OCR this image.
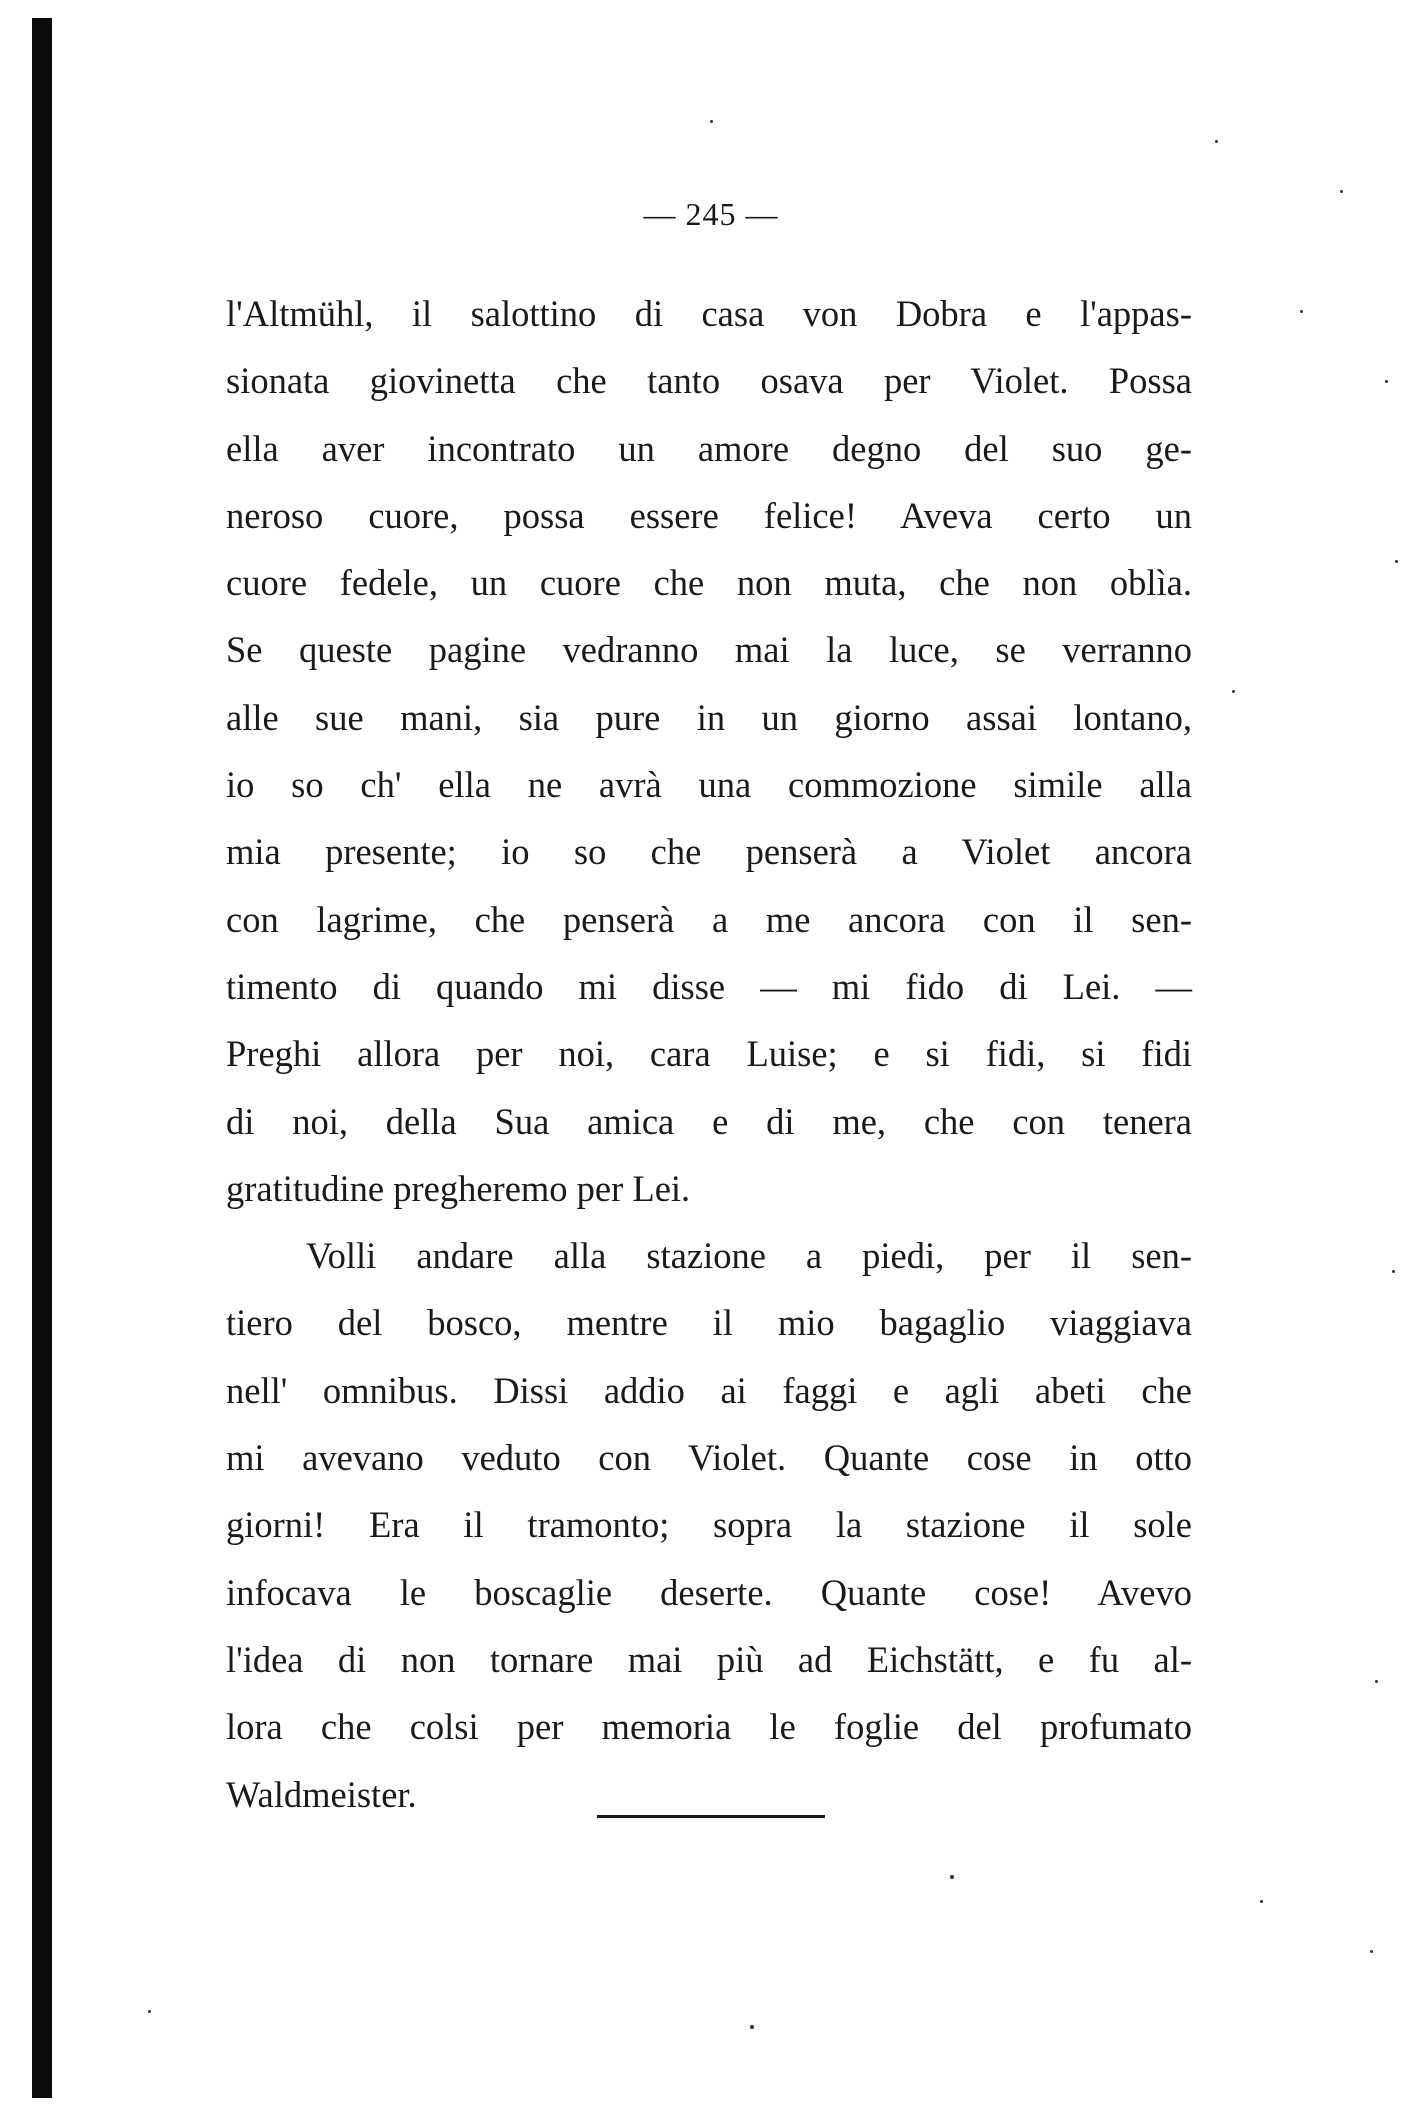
— 245 —
l'Altmühl, il salottino di casa von Dobra e l'appas-
sionata giovinetta che tanto osava per Violet. Possa
ella aver incontrato un amore degno del suo ge-
neroso cuore, possa essere felice! Aveva certo un
cuore fedele, un cuore che non muta, che non oblìa.
Se queste pagine vedranno mai la luce, se verranno
alle sue mani, sia pure in un giorno assai lontano,
io so ch' ella ne avrà una commozione simile alla
mia presente; io so che penserà a Violet ancora
con lagrime, che penserà a me ancora con il sen-
timento di quando mi disse — mi fido di Lei. —
Preghi allora per noi, cara Luise; e si fidi, si fidi
di noi, della Sua amica e di me, che con tenera
gratitudine pregheremo per Lei.
Volli andare alla stazione a piedi, per il sen-
tiero del bosco, mentre il mio bagaglio viaggiava
nell' omnibus. Dissi addio ai faggi e agli abeti che
mi avevano veduto con Violet. Quante cose in otto
giorni! Era il tramonto; sopra la stazione il sole
infocava le boscaglie deserte. Quante cose! Avevo
l'idea di non tornare mai più ad Eichstätt, e fu al-
lora che colsi per memoria le foglie del profumato
Waldmeister.
